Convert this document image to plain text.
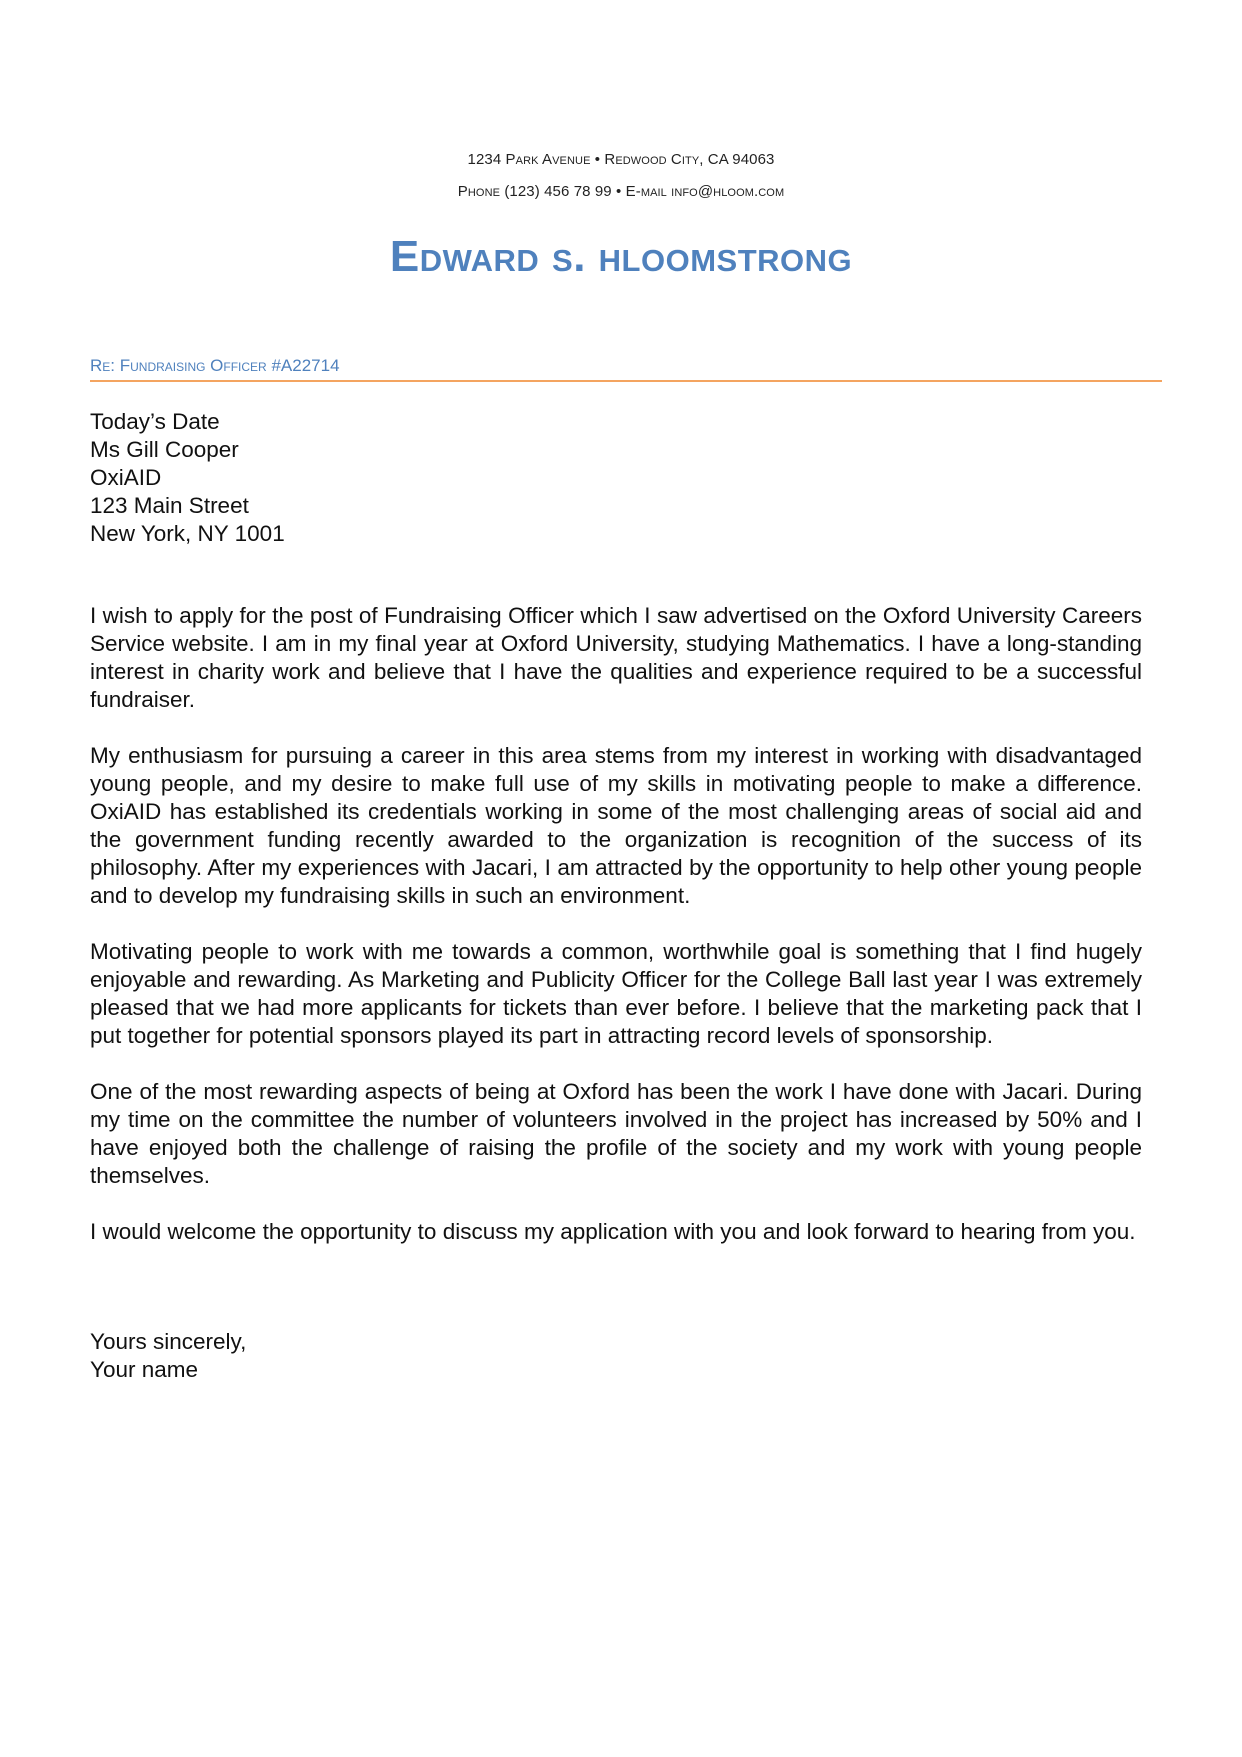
1234 Park Avenue • Redwood City, CA 94063
Phone (123) 456 78 99 • E-mail info@hloom.com
Edward s. hloomstrong
Re: Fundraising Officer #A22714
Today’s Date
Ms Gill Cooper
OxiAID
123 Main Street
New York, NY 1001

I wish to apply for the post of Fundraising Officer which I saw advertised on the Oxford University Careers Service website. I am in my final year at Oxford University, studying Mathematics. I have a long-standing interest in charity work and believe that I have the qualities and experience required to be a successful fundraiser.

My enthusiasm for pursuing a career in this area stems from my interest in working with disadvantaged young people, and my desire to make full use of my skills in motivating people to make a difference. OxiAID has established its credentials working in some of the most challenging areas of social aid and the government funding recently awarded to the organization is recognition of the success of its philosophy. After my experiences with Jacari, I am attracted by the opportunity to help other young people and to develop my fundraising skills in such an environment.

Motivating people to work with me towards a common, worthwhile goal is something that I find hugely enjoyable and rewarding. As Marketing and Publicity Officer for the College Ball last year I was extremely pleased that we had more applicants for tickets than ever before. I believe that the marketing pack that I put together for potential sponsors played its part in attracting record levels of sponsorship.

One of the most rewarding aspects of being at Oxford has been the work I have done with Jacari. During my time on the committee the number of volunteers involved in the project has increased by 50% and I have enjoyed both the challenge of raising the profile of the society and my work with young people themselves.

I would welcome the opportunity to discuss my application with you and look forward to hearing from you.

Yours sincerely,
Your name
